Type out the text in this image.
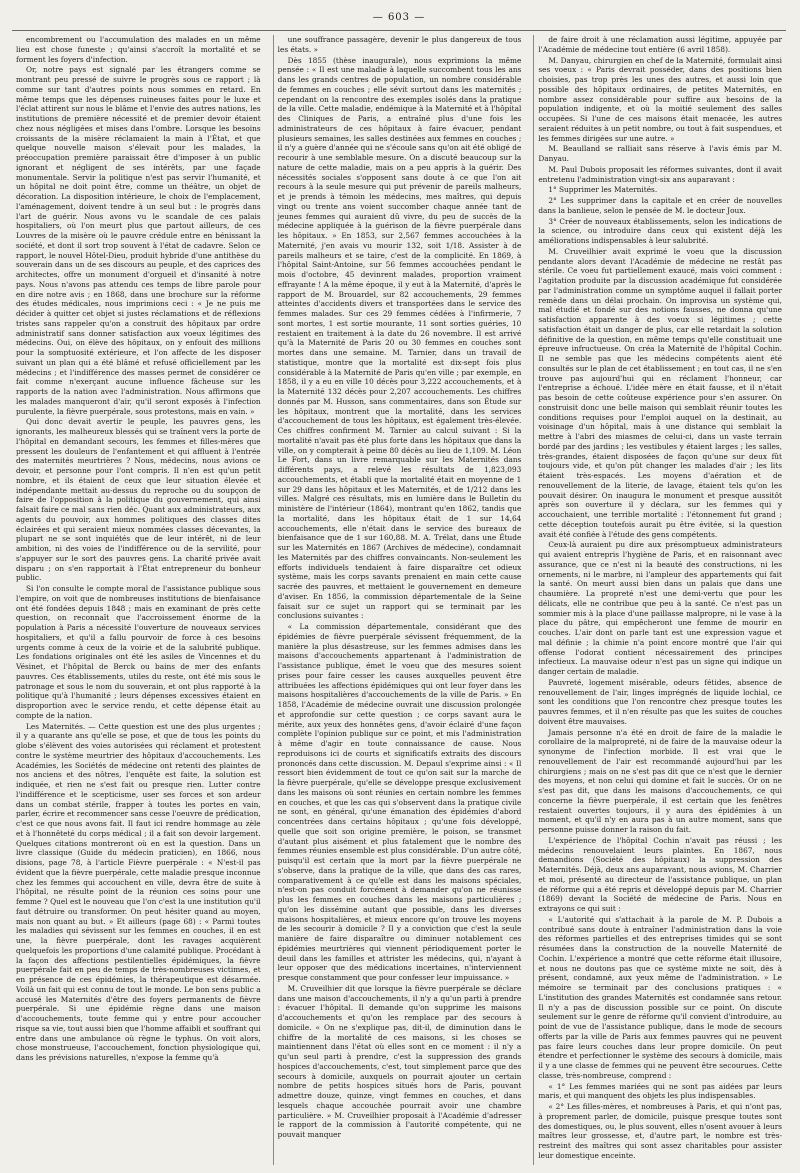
— 603 —

encombrement ou l'accumulation des malades en un même lieu est chose funeste ; qu'ainsi s'accroît la mortalité et se forment les foyers d'infection.

Or, notre pays est signalé par les étrangers comme se montrant peu pressé de suivre le progrès sous ce rapport ; là comme sur tant d'autres points nous sommes en retard. En même temps que les dépenses ruineuses faites pour le luxe et l'éclat attirent sur nous le blâme et l'envie des autres nations, les institutions de première nécessité et de premier devoir étaient chez nous négligées et mises dans l'ombre. Lorsque les besoins croissants de la misère réclamaient la main à l'État, et que quelque nouvelle maison s'élevait pour les malades, la préoccupation première paraissait être d'imposer à un public ignorant et négligent de ses intérêts, par une façade monumentale. Servir la politique n'est pas servir l'humanité, et un hôpital ne doit point être, comme un théâtre, un objet de décoration. La disposition intérieure, le choix de l'emplacement, l'aménagement, doivent tendre à un seul but : le progrès dans l'art de guérir. Nous avons vu le scandale de ces palais hospitaliers, où l'on meurt plus que partout ailleurs, de ces Louvres de la misère où le pauvre crédule entre en bénissant la société, et dont il sort trop souvent à l'état de cadavre. Selon ce rapport, le nouvel Hôtel-Dieu, produit hybride d'une antithèse du souverain dans un de ses discours au peuple, et des caprices des architectes, offre un monument d'orgueil et d'insanité à notre pays. Nous n'avons pas attendu ces temps de libre parole pour en dire notre avis ; en 1868, dans une brochure sur la réforme des études médicales, nous imprimions ceci : « Je ne puis me décider à quitter cet objet si justes réclamations et de réflexions tristes sans rappeler qu'on a construit des hôpitaux par ordre administratif sans donner satisfaction aux voeux légitimes des médecins. Oui, on élève des hôpitaux, on y enfouit des millions pour la somptuosité extérieure, et l'on affecte de les disposer suivant un plan qui a été blâmé et refusé officiellement par les médecins ; et l'indifférence des masses permet de considérer ce fait comme n'exerçant aucune influence fâcheuse sur les rapports de la nation avec l'administration. Nous affirmons que les malades manqueront d'air, qu'il seront exposés à l'infection purulente, la fièvre puerpérale, sous protestons, mais en vain. »

Qui donc devait avertir le peuple, les pauvres gens, les ignorants, les malheureux blessés qui se traînent vers la porte de l'hôpital en demandant secours, les femmes et filles-mères que pressent les douleurs de l'enfantement et qui affluent à l'entrée des maternités meurtrières ? Nous, médecins, nous avions ce devoir, et personne pour l'ont compris. Il n'en est qu'un petit nombre, et ils étaient de ceux que leur situation élevée et indépendante mettait au-dessus du reproche ou du soupçon de faire de l'opposition à la politique du gouvernement, qui ainsi falsait faire ce mal sans rien déc. Quant aux administrateurs, aux agents du pouvoir, aux hommes politiques des classes dites éclairées et qui seraient mieux nommées classes décevantes, la plupart ne se sont inquiétés que de leur intérêt, ni de leur ambition, ni des voies de l'indifférence ou de la servilité, pour s'appuyer sur le sort des pauvres gens. La charité privée avait disparu ; on s'en rapportait à l'État entrepreneur du bonheur public.

Si l'on consulte le compte moral de l'assistance publique sous l'empire, on voit que de nombreuses institutions de bienfaisance ont été fondées depuis 1848 ; mais en examinant de près cette question, on reconnaît que l'accroissement énorme de la population à Paris a nécessité l'ouverture de nouveaux services hospitaliers, et qu'il a fallu pourvoir de force à ces besoins urgents comme à ceux de la voirie et de la salubrité publique. Les fondations originales ont été les asiles de Vincennes et du Vésinet, et l'hôpital de Berck ou bains de mer des enfants pauvres. Ces établissements, utiles du reste, ont été mis sous le patronage et sous le nom du souverain, et ont plus rapporté à la politique qu'à l'humanité ; leurs dépenses excessives étaient en disproportion avec le service rendu, et cette dépense était au compte de la nation.

Les Maternités. — Cette question est une des plus urgentes ; il y a quarante ans qu'elle se pose, et que de tous les points du globe s'élèvent des voies autorisées qui réclament et protestent contre le système meurtrier des hôpitaux d'accouchements. Les Académies, les Sociétés de médecine ont retenti des plaintes de nos anciens et des nôtres, l'enquête est faite, la solution est indiquée, et rien ne s'est fait ou presque rien. Lutter contre l'indifférence et le scepticisme, user ses forces et son ardeur dans un combat stérile, frapper à toutes les portes en vain, parler, écrire et recommencer sans cesse l'oeuvre de prédication, c'est ce que nous avons fait. Il faut ici rendre hommage au zèle et à l'honnêteté du corps médical ; il a fait son devoir largement. Quelques citations montreront où en est la question. Dans un livre classique (Guide du médecin praticien), en 1866, nous disions, page 78, à l'article Fièvre puerpérale : « N'est-il pas évident que la fièvre puerpérale, cette maladie presque inconnue chez les femmes qui accouchent en ville, devra être de suite à l'hôpital, ne résulte point de la réunion ces soins pour une femme ? Quel est le nouveau que l'on c'est la une institution qu'il faut détruire ou transformer. On peut hésiter quand au moyen, mais non quant au but. » Et ailleurs (page 68) : « Parmi toutes les maladies qui sévissent sur les femmes en couches, il en est une, la fièvre puerpérale, dont les ravages acquièrent quelquefois les proportions d'une calamité publique. Procédant à la façon des affections pestilentielles épidémiques, la fièvre puerpérale fait en peu de temps de très-nombreuses victimes, et en présence de ces épidémies, la thérapeutique est désarmée. Voilà un fait qui est connu de tout le monde. Le bon sens public a accusé les Maternités d'être des foyers permanents de fièvre puerpérale. Si une épidémie règne dans une maison d'accouchements, toute femme qui y entre pour accoucher risque sa vie, tout aussi bien que l'homme affaibli et souffrant qui entre dans une ambulance où règne le typhus. On voit alors, chose monstrueuse, l'accouchement, fonction physiologique qui, dans les prévisions naturelles, n'expose la femme qu'à

une souffrance passagère, devenir le plus dangereux de tous les états. »

Dès 1855 (thèse inaugurale), nous exprimions la même pensée : « Il est une maladie à laquelle succombent tous les ans dans les grands centres de population, un nombre considérable de femmes en couches ; elle sévit surtout dans les maternités ; cependant on la rencontre des exemples isolés dans la pratique de la ville. Cette maladie, endémique à la Maternité et à l'hôpital des Cliniques de Paris, a entraîné plus d'une fois les administrateurs de ces hôpitaux à faire évacuer, pendant plusieurs semaines, les salles destinées aux femmes en couches ; il n'y a guère d'année qui ne s'écoule sans qu'on ait été obligé de recourir à une semblable mesure. On a discuté beaucoup sur la nature de cette maladie, mais on a peu appris à la guérir. Des nécessités sociales s'opposent sans doute à ce que l'on ait recours à la seule mesure qui put prévenir de pareils malheurs, et je prends à témoin les médecins, mes maîtres, qui depuis vingt ou trente ans voient succomber chaque année tant de jeunes femmes qui auraient dû vivre, du peu de succès de la médecine appliquée à la guérison de la fièvre puerpérale dans les hôpitaux. » En 1853, sur 2,567 femmes accouchées à la Maternité, j'en avais vu mourir 132, soit 1/18. Assister à de pareils malheurs et se taire, c'est de la complicité. En 1869, à l'hôpital Saint-Antoine, sur 56 femmes accouchées pendant le mois d'octobre, 45 devinrent malades, proportion vraiment effrayante ! A la même époque, il y eut à la Maternité, d'après le rapport de M. Brouardel, sur 82 accouchements, 29 femmes atteintes d'accidents divers et transportées dans le service des femmes malades. Sur ces 29 femmes cédées à l'infirmerie, 7 sont mortes, 1 est sortie mourante, 11 sont sorties guéries, 10 restaient en traitement à la date du 26 novembre. Il est arrivé qu'à la Maternité de Paris 20 ou 30 femmes en couches sont mortes dans une semaine. M. Tarnier, dans un travail de statistique, montre que la mortalité est dix-sept fois plus considérable à la Maternité de Paris qu'en ville ; par exemple, en 1858, il y a eu en ville 10 décès pour 3,222 accouchements, et à la Maternité 132 décès pour 2,207 accouchements. Les chiffres donnés par M. Husson, sans commentaires, dans son Étude sur les hôpitaux, montrent que la mortalité, dans les services d'accouchement de tous les hôpitaux, est également très-élevée. Ces chiffres confirment M. Tarnier au calcul suivant : Si la mortalité n'avait pas été plus forte dans les hôpitaux que dans la ville, on y compterait à peine 80 décès au lieu de 1,109. M. Léon Le Fort, dans un livre remarquable sur les Maternités dans différents pays, a relevé les résultats de 1,823,093 accouchements, et établi que la mortalité était en moyenne de 1 sur 29 dans les hôpitaux et les Maternités, et de 1/212 dans les villes. Malgré ces résultats, mis en lumière dans le Bulletin du ministère de l'intérieur (1864), montrant qu'en 1862, tandis que la mortalité, dans les hôpitaux était de 1 sur 14,64 accouchements, elle n'était dans le service des bureaux de bienfaisance que de 1 sur 160,88. M. A. Trélat, dans une Étude sur les Maternités en 1867 (Archives de médecine), condamnait les Maternités par des chiffres convaincants. Non-seulement les efforts individuels tendaient à faire disparaître cet odieux système, mais les corps savants prenaient en main cette cause sacrée des pauvres, et mettaient le gouvernement en demeure d'aviser. En 1856, la commission départementale de la Seine faisait sur ce sujet un rapport qui se terminait par les conclusions suivantes :

« La commission départementale, considérant que des épidémies de fièvre puerpérale sévissent fréquemment, de la manière la plus désastreuse, sur les femmes admises dans les maisons d'accouchements appartenant à l'administration de l'assistance publique, émet le voeu que des mesures soient prises pour faire cesser les causes auxquelles peuvent être attribuées les affections épidémiques qui ont leur foyer dans les maisons hospitalières d'accouchements de la ville de Paris. » En 1858, l'Académie de médecine ouvrait une discussion prolongée et approfondie sur cette question ; ce corps savant aura le mérite, aux yeux des honnêtes gens, d'avoir éclairé d'une façon complète l'opinion publique sur ce point, et mis l'administration à même d'agir en toute connaissance de cause. Nous reproduisons ici de courts et significatifs extraits des discours prononcés dans cette discussion. M. Depaul s'exprime ainsi : « Il ressort bien évidemment de tout ce qu'on sait sur la marche de la fièvre puerpérale, qu'elle se développe presque exclusivement dans les maisons où sont réunies en certain nombre les femmes en couches, et que les cas qui s'observent dans la pratique civile ne sont, en général, qu'une émanation des épidémies d'abord concentrées dans certains hôpitaux ; qu'une fois développé, quelle que soit son origine première, le poison, se transmet d'autant plus aisément et plus fatalement que le nombre des femmes réunies ensemble est plus considérable. D'un autre côté, puisqu'il est certain que la mort par la fièvre puerpérale ne s'observe, dans la pratique de la ville, que dans des cas rares, comparativement à ce qu'elle est dans les maisons spéciales, n'est-on pas conduit forcément à demander qu'on ne réunisse plus les femmes en couches dans les maisons particulières ; qu'on les dissémine autant que possible, dans les diverses maisons hospitalières, et mieux encore qu'on trouve les moyens de les secourir à domicile ? Il y a conviction que c'est la seule manière de faire disparaître ou diminuer notablement ces épidémies meurtrières qui viennent périodiquement porter le deuil dans les familles et attrister les médecins, qui, n'ayant à leur opposer que des médications incertaines, n'interviennent presque constamment que pour confesser leur impuissance. »

M. Cruveilhier dit que lorsque la fièvre puerpérale se déclare dans une maison d'accouchements, il n'y a qu'un parti à prendre : évacuer l'hôpital. Il demande qu'on supprime les maisons d'accouchements et qu'on les remplace par des secours à domicile. « On ne s'explique pas, dit-il, de diminution dans le chiffre de la mortalité de ces maisons, si les choses se maintiennent dans l'état où elles sont en ce moment : il n'y a qu'un seul parti à prendre, c'est la suppression des grands hospices d'accouchements, c'est, tout simplement parce que des secours à domicile, auxquels on pourrait ajouter un certain nombre de petits hospices situés hors de Paris, pouvant admettre douze, quinze, vingt femmes en couches, et dans lesquels chaque accouchée pourrait avoir une chambre particulière. » M. Cruveilhier proposait à l'Académie d'adresser le rapport de la commission à l'autorité compétente, qui ne pouvait manquer

de faire droit à une réclamation aussi légitime, appuyée par l'Académie de médecine tout entière (6 avril 1858).

M. Danyau, chirurgien en chef de la Maternité, formulait ainsi ses voeux : « Paris devrait posséder, dans des positions bien choisies, pas trop près les unes des autres, et aussi loin que possible des hôpitaux ordinaires, de petites Maternités, en nombre assez considérable pour suffire aux besoins de la population indigente, et où la moitié seulement des salles occupées. Si l'une de ces maisons était menacée, les autres seraient réduites à un petit nombre, ou tout à fait suspendues, et les femmes dirigées sur une autre. »

M. Beaulland se ralliait sans réserve à l'avis émis par M. Danyau.

M. Paul Dubois proposait les réformes suivantes, dont il avait entretenu l'administration vingt-six ans auparavant :

1° Supprimer les Maternités.

2° Les supprimer dans la capitale et en créer de nouvelles dans la banlieue, selon le pensée de M. le docteur Joux.

3° Créer de nouveaux établissements, selon les indications de la science, ou introduire dans ceux qui existent déjà les améliorations indispensables à leur salubrité.

M. Cruveilhier avait exprimé le voeu que la discussion pendante alors devant l'Académie de médecine ne restât pas stérile. Ce voeu fut partiellement exaucé, mais voici comment : l'agitation produite par la discussion académique fut considérée par l'administration comme un symptôme auquel il fallait porter remède dans un délai prochain. On improvisa un système qui, mal étudié et fondé sur des notions fausses, ne donna qu'une satisfaction apparente à des voeux si légitimes ; cette satisfaction était un danger de plus, car elle retardait la solution définitive de la question, en même temps qu'elle constituait une épreuve infructueuse. On créa la Maternité de l'hôpital Cochin. Il ne semble pas que les médecins compétents aient été consultés sur le plan de cet établissement ; en tout cas, il ne s'en trouve pas aujourd'hui qui en réclament l'honneur, car l'entreprise a échoué. L'idée mère en était fausse, et il n'était pas besoin de cette coûteuse expérience pour s'en assurer. On construisit donc une belle maison qui semblait réunir toutes les conditions requises pour l'emploi auquel on la destinait, au voisinage d'un hôpital, mais à une distance qui semblait la mettre à l'abri des miasmes de celui-ci, dans un vaste terrain bordé par des jardins ; les vestibules y étaient larges ; les salles, très-grandes, étaient disposées de façon qu'une sur deux fût toujours vide, et qu'on pût changer les malades d'air ; les lits étaient très-espacés. Les moyens d'aération et de renouvellement de la literie, de lavage, étaient tels qu'on les pouvait désirer. On inaugura le monument et presque aussitôt après son ouverture il y déclara, sur les femmes qui y accouchaient, une terrible mortalité : l'étonnement fut grand ; cette déception toutefois aurait pu être évitée, si la question avait été confiée à l'étude des gens compétents.

Ceux-là auraient pu dire aux présomptueux administrateurs qui avaient entrepris l'hygiène de Paris, et en raisonnant avec assurance, que ce n'est ni la beauté des constructions, ni les ornements, ni le marbre, ni l'ampleur des appartements qui fait la santé. On meurt aussi bien dans un palais que dans une chaumière. La propreté n'est une demi-vertu que pour les délicats, elle ne contribue que peu à la santé. Ce n'est pas un sommier mis à la place d'une paillasse malpropre, ni le vase à la place du pâtre, qui empêcheront une femme de mourir en couches. L'air dont on parle tant est une expression vague et mal définie ; la chimie n'a point encore montré que l'air qui offense l'odorat contient nécessairement des principes infectieux. La mauvaise odeur n'est pas un signe qui indique un danger certain de maladie.

Pauvreté, logement misérable, odeurs fétides, absence de renouvellement de l'air, linges imprégnés de liquide lochial, ce sont les conditions que l'on rencontre chez presque toutes les pauvres femmes, et il n'en résulte pas que les suites de couches doivent être mauvaises.

Jamais personne n'a été en droit de faire de la maladie le corollaire de la malpropreté, ni de faire de la mauvaise odeur la synonyme de l'infection morbide. Il est vrai que le renouvellement de l'air est recommandé aujourd'hui par les chirurgiens ; mais on ne s'est pas dit que ce n'est que le dernier des moyens, et non celui qui domine et fait le succès. Or on ne s'est pas dit, que dans les maisons d'accouchements, ce qui concerne la fièvre puerpérale, il est certain que les fenêtres restaient ouvertes toujours, il y aura des épidémies à un moment, et qu'il n'y en aura pas à un autre moment, sans que personne puisse donner la raison du fait.

L'expérience de l'hôpital Cochin n'avait pas réussi ; les médecins renouvelaient leurs plaintes. En 1867, nous demandions (Société des hôpitaux) la suppression des Maternités. Déjà, deux ans auparavant, nous avions, M. Charrier et moi, présenté au directeur de l'assistance publique, un plan de réforme qui a été repris et développé depuis par M. Charrier (1869) devant la Société de médecine de Paris. Nous en extrayons ce qui suit :

« L'autorité qui s'attachait à la parole de M. P. Dubois a contribué sans doute à entraîner l'administration dans la voie des réformes partielles et des entreprises timides qui se sont résumées dans la construction de la nouvelle Maternité de Cochin. L'expérience a montré que cette réforme était illusoire, et nous ne doutons pas que ce système mixte ne soit, dès à présent, condamné, aux yeux même de l'administration. » Le mémoire se terminait par des conclusions pratiques : « L'institution des grandes Maternités est condamnée sans retour. Il n'y a pas de discussion possible sur ce point. On discute seulement sur le genre de réforme qu'il convient d'introduire, au point de vue de l'assistance publique, dans le mode de secours offerts par la ville de Paris aux femmes pauvres qui ne peuvent pas faire leurs couches dans leur propre domicile. On peut étendre et perfectionner le système des secours à domicile, mais il y a une classe de femmes qui ne peuvent être secourues. Cette classe, très-nombreuse, comprend :

« 1° Les femmes mariées qui ne sont pas aidées par leurs maris, et qui manquent des objets les plus indispensables.

« 2° Les filles-mères, et nombreuses à Paris, et qui n'ont pas, à proprement parler, de domicile, puisque presque toutes sont des domestiques, ou, le plus souvent, elles n'osent avouer à leurs maîtres leur grossesse, et, d'autre part, le nombre est très-restreint des maîtres qui sont assez charitables pour assister leur domestique enceinte.
